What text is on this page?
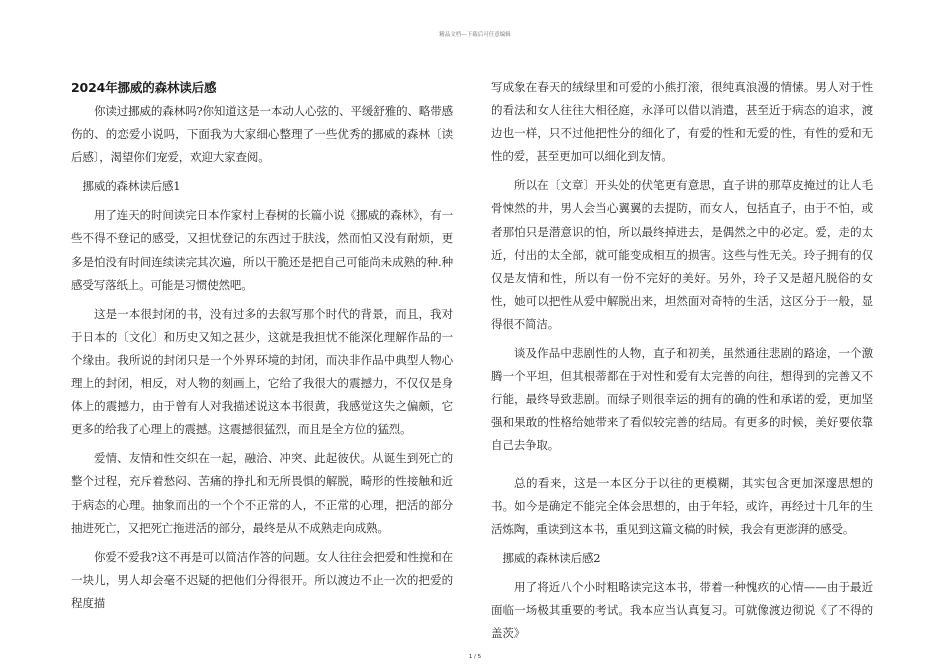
精品文档---下载后可任意编辑
2024年挪威的森林读后感

你读过挪威的森林吗?你知道这是一本动人心弦的、平缓舒雅的、略带感伤的、的恋爱小说吗，下面我为大家细心整理了一些优秀的挪威的森林〔读后感〕，渴望你们宠爱，欢迎大家查阅。

挪威的森林读后感1

用了连天的时间读完日本作家村上春树的长篇小说《挪威的森林》，有一些不得不登记的感受，又担忧登记的东西过于肤浅，然而怕又没有耐烦，更多是怕没有时间连续读完其次遍，所以干脆还是把自己可能尚未成熟的种.种感受写落纸上。可能是习惯使然吧。

这是一本很封闭的书，没有过多的去叙写那个时代的背景，而且，我对于日本的〔文化〕和历史又知之甚少，这就是我担忧不能深化理解作品的一个缘由。我所说的封闭只是一个外界环境的封闭，而决非作品中典型人物心理上的封闭，相反，对人物的刻画上，它给了我很大的震撼力，不仅仅是身体上的震撼力，由于曾有人对我描述说这本书很黄，我感觉这失之偏颇，它更多的给我了心理上的震撼。这震撼很猛烈，而且是全方位的猛烈。

爱情、友情和性交织在一起，融洽、冲突、此起彼伏。从诞生到死亡的整个过程，充斥着愁闷、苦痛的挣扎和无所畏惧的解脱，畸形的性接触和近于病态的心理。抽象而出的一个个不正常的人，不正常的心理，把活的部分抽进死亡，又把死亡拖进活的部分，最终是从不成熟走向成熟。

你爱不爱我?这不再是可以简洁作答的问题。女人往往会把爱和性搅和在一块儿，男人却会毫不迟疑的把他们分得很开。所以渡边不止一次的把爱的程度描

写成象在春天的绒绿里和可爱的小熊打滚，很纯真浪漫的情愫。男人对于性的看法和女人往往大相径庭，永泽可以借以消遣，甚至近于病态的追求，渡边也一样，只不过他把性分的细化了，有爱的性和无爱的性，有性的爱和无性的爱，甚至更加可以细化到友情。

所以在〔文章〕开头处的伏笔更有意思，直子讲的那草皮掩过的让人毛骨悚然的井，男人会当心翼翼的去提防，而女人，包括直子，由于不怕，或者那怕只是潜意识的怕，所以最终掉进去，是偶然之中的必定。爱，走的太近，付出的太全部，就可能变成相互的损害。这些与性无关。玲子拥有的仅仅是友情和性，所以有一份不完好的美好。另外，玲子又是超凡脱俗的女性，她可以把性从爱中解脱出来，坦然面对奇特的生活，这区分于一般，显得很不简洁。

谈及作品中悲剧性的人物，直子和初美，虽然通往悲剧的路途，一个激腾一个平坦，但其根蒂都在于对性和爱有太完善的向往，想得到的完善又不行能，最终导致悲剧。而绿子则很幸运的拥有的确的性和承诺的爱，更加坚强和果敢的性格给她带来了看似较完善的结局。有更多的时候，美好要依靠自己去争取。

总的看来，这是一本区分于以往的更模糊，其实包含更加深邃思想的书。如今是确定不能完全体会思想的，由于年轻，或许，再经过十几年的生活炼陶，重读到这本书，重见到这篇文稿的时候，我会有更澎湃的感受。

挪威的森林读后感2

用了将近八个小时粗略读完这本书，带着一种愧疚的心情——由于最近面临一场极其重要的考试。我本应当认真复习。可就像渡边彻说《了不得的盖茨》

1 / 5
